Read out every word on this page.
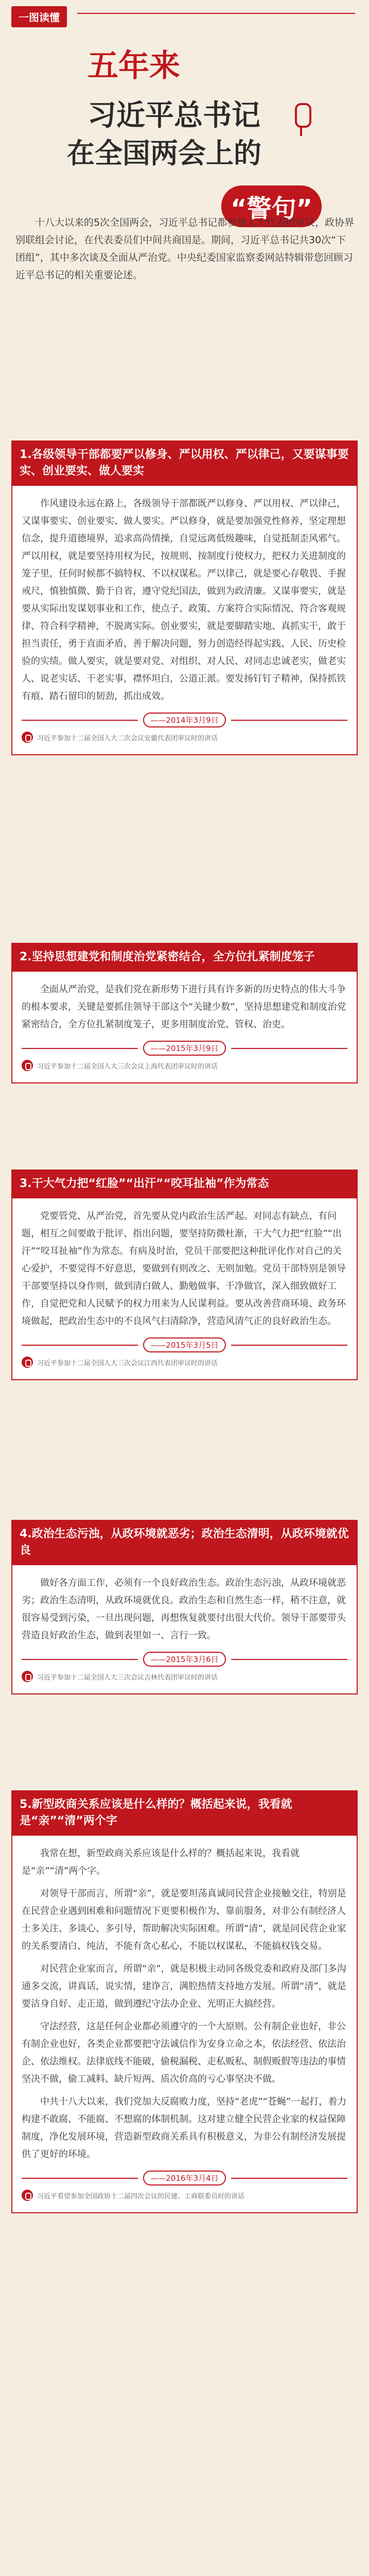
一图读懂
五年来
习近平总书记
在全国两会上的
“警句”
十八大以来的5次全国两会，习近平总书记都参加人大代表团审议，政协界别联组会讨论，在代表委员们中间共商国是。期间，习近平总书记共30次“下团组”，其中多次谈及全面从严治党。中央纪委国家监察委网站特辑带您回顾习近平总书记的相关重要论述。
1.各级领导干部都要严以修身、严以用权、严以律己，又要谋事要实、创业要实、做人要实

作风建设永远在路上，各级领导干部都既严以修身、严以用权、严以律己，又谋事要实、创业要实、做人要实。严以修身，就是要加强党性修养，坚定理想信念，提升道德境界，追求高尚情操，自觉远离低级趣味，自觉抵制歪风邪气。严以用权，就是要坚持用权为民，按规则、按制度行使权力，把权力关进制度的笼子里，任何时候都不搞特权、不以权谋私。严以律己，就是要心存敬畏、手握戒尺，慎独慎微、勤于自省，遵守党纪国法，做到为政清廉。又谋事要实，就是要从实际出发谋划事业和工作，使点子、政策、方案符合实际情况、符合客观规律、符合科学精神，不脱离实际。创业要实，就是要脚踏实地、真抓实干，敢于担当责任，勇于直面矛盾，善于解决问题，努力创造经得起实践、人民、历史检验的实绩。做人要实，就是要对党、对组织、对人民、对同志忠诚老实，做老实人、说老实话、干老实事，襟怀坦白，公道正派。要发扬钉钉子精神，保持抓铁有痕、踏石留印的韧劲，抓出成效。

——2014年3月9日
习近平参加十二届全国人大二次会议安徽代表团审议时的讲话
2.坚持思想建党和制度治党紧密结合，全方位扎紧制度笼子

全面从严治党，是我们党在新形势下进行具有许多新的历史特点的伟大斗争的根本要求，关键是要抓住领导干部这个“关键少数”，坚持思想建党和制度治党紧密结合，全方位扎紧制度笼子，更多用制度治党、管权、治吏。

——2015年3月9日
习近平参加十二届全国人大三次会议上海代表团审议时的讲话
3.干大气力把“红脸”“出汗”“咬耳扯袖”作为常态

党要管党、从严治党，首先要从党内政治生活严起。对同志有缺点、有问题，相互之间要敢于批评、指出问题，要坚持防微杜渐，干大气力把“红脸”“出汗”“咬耳扯袖”作为常态。有病及时治，党员干部要把这种批评化作对自己的关心爱护，不要觉得不好意思，要做到有则改之、无则加勉。党员干部特别是领导干部要坚持以身作则，做到清白做人、勤勉做事、干净做官，深入细致做好工作，自觉把党和人民赋予的权力用来为人民谋利益。要从改善营商环境、政务环境做起，把政治生态中的不良风气扫清除净，营造风清气正的良好政治生态。

——2015年3月5日
习近平参加十二届全国人大三次会议江西代表团审议时的讲话
4.政治生态污浊，从政环境就恶劣；政治生态清明，从政环境就优良

做好各方面工作，必须有一个良好政治生态。政治生态污浊，从政环境就恶劣；政治生态清明，从政环境就优良。政治生态和自然生态一样，稍不注意，就很容易受到污染，一旦出现问题，再想恢复就要付出很大代价。领导干部要带头营造良好政治生态，做到表里如一、言行一致。

——2015年3月6日
习近平参加十二届全国人大三次会议吉林代表团审议时的讲话
5.新型政商关系应该是什么样的？概括起来说，我看就是“亲”“清”两个字

我常在想，新型政商关系应该是什么样的？概括起来说，我看就是“亲”“清”两个字。

对领导干部而言，所谓“亲”，就是要坦荡真诚同民营企业接触交往，特别是在民营企业遇到困难和问题情况下更要积极作为、靠前服务，对非公有制经济人士多关注、多谈心、多引导，帮助解决实际困难。所谓“清”，就是同民营企业家的关系要清白、纯洁，不能有贪心私心，不能以权谋私，不能搞权钱交易。

对民营企业家而言，所谓“亲”，就是积极主动同各级党委和政府及部门多沟通多交流，讲真话，说实情，建诤言，满腔热情支持地方发展。所谓“清”，就是要洁身自好、走正道，做到遵纪守法办企业、光明正大搞经营。

守法经营，这是任何企业都必须遵守的一个大原则。公有制企业也好，非公有制企业也好，各类企业都要把守法诚信作为安身立命之本，依法经营、依法治企、依法维权。法律底线不能破，偷税漏税、走私贩私、制假贩假等违法的事情坚决不做，偷工减料、缺斤短两、质次价高的亏心事坚决不做。

中共十八大以来，我们党加大反腐败力度，坚持“老虎”“苍蝇”一起打，着力构建不敢腐、不能腐、不想腐的体制机制。这对建立健全民营企业家的权益保障制度，净化发展环境，营造新型政商关系具有积极意义，为非公有制经济发展提供了更好的环境。

——2016年3月4日
习近平看望参加全国政协十二届四次会议的民建、工商联委员时的讲话
